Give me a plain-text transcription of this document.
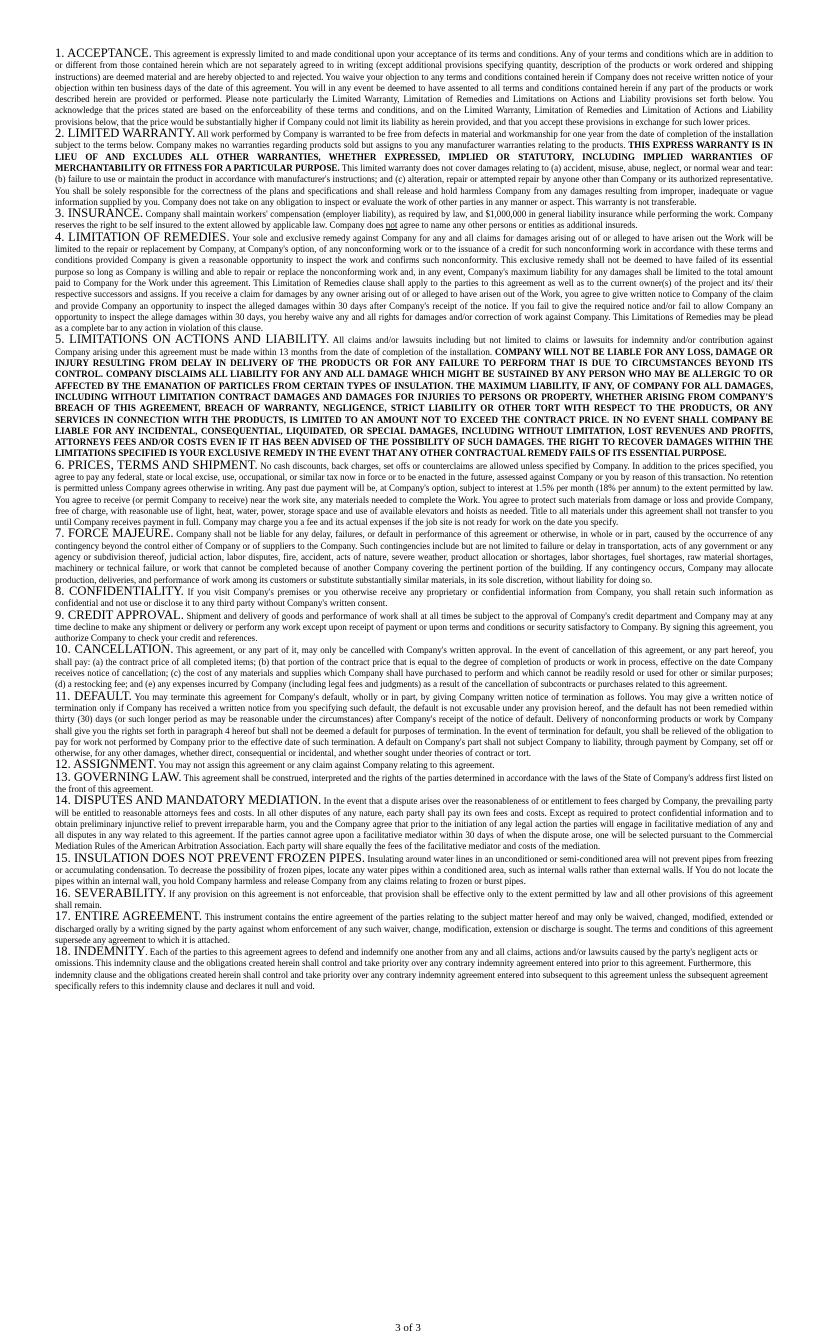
1. ACCEPTANCE. This agreement is expressly limited to and made conditional upon your acceptance of its terms and conditions. Any of your terms and conditions which are in addition to or different from those contained herein which are not separately agreed to in writing (except additional provisions specifying quantity, description of the products or work ordered and shipping instructions) are deemed material and are hereby objected to and rejected. You waive your objection to any terms and conditions contained herein if Company does not receive written notice of your objection within ten business days of the date of this agreement. You will in any event be deemed to have assented to all terms and conditions contained herein if any part of the products or work described herein are provided or performed. Please note particularly the Limited Warranty, Limitation of Remedies and Limitations on Actions and Liability provisions set forth below. You acknowledge that the prices stated are based on the enforceability of these terms and conditions, and on the Limited Warranty, Limitation of Remedies and Limitation of Actions and Liability provisions below, that the price would be substantially higher if Company could not limit its liability as herein provided, and that you accept these provisions in exchange for such lower prices.

2. LIMITED WARRANTY. All work performed by Company is warranted to be free from defects in material and workmanship for one year from the date of completion of the installation subject to the terms below. Company makes no warranties regarding products sold but assigns to you any manufacturer warranties relating to the products. THIS EXPRESS WARRANTY IS IN LIEU OF AND EXCLUDES ALL OTHER WARRANTIES, WHETHER EXPRESSED, IMPLIED OR STATUTORY, INCLUDING IMPLIED WARRANTIES OF MERCHANTABILITY OR FITNESS FOR A PARTICULAR PURPOSE. This limited warranty does not cover damages relating to (a) accident, misuse, abuse, neglect, or normal wear and tear: (b) failure to use or maintain the product in accordance with manufacturer's instructions; and (c) alteration, repair or attempted repair by anyone other than Company or its authorized representative. You shall be solely responsible for the correctness of the plans and specifications and shall release and hold harmless Company from any damages resulting from improper, inadequate or vague information supplied by you. Company does not take on any obligation to inspect or evaluate the work of other parties in any manner or aspect. This warranty is not transferable.

3. INSURANCE. Company shall maintain workers' compensation (employer liability), as required by law, and $1,000,000 in general liability insurance while performing the work. Company reserves the right to be self insured to the extent allowed by applicable law. Company does not agree to name any other persons or entities as additional insureds.

4. LIMITATION OF REMEDIES. Your sole and exclusive remedy against Company for any and all claims for damages arising out of or alleged to have arisen out the Work will be limited to the repair or replacement by Company, at Company's option, of any nonconforming work or to the issuance of a credit for such nonconforming work in accordance with these terms and conditions provided Company is given a reasonable opportunity to inspect the work and confirms such nonconformity. This exclusive remedy shall not be deemed to have failed of its essential purpose so long as Company is willing and able to repair or replace the nonconforming work and, in any event, Company's maximum liability for any damages shall be limited to the total amount paid to Company for the Work under this agreement. This Limitation of Remedies clause shall apply to the parties to this agreement as well as to the current owner(s) of the project and its/ their respective successors and assigns. If you receive a claim for damages by any owner arising out of or alleged to have arisen out of the Work, you agree to give written notice to Company of the claim and provide Company an opportunity to inspect the alleged damages within 30 days after Company's receipt of the notice. If you fail to give the required notice and/or fail to allow Company an opportunity to inspect the allege damages within 30 days, you hereby waive any and all rights for damages and/or correction of work against Company. This Limitations of Remedies may be plead as a complete bar to any action in violation of this clause.

5. LIMITATIONS ON ACTIONS AND LIABILITY. All claims and/or lawsuits including but not limited to claims or lawsuits for indemnity and/or contribution against Company arising under this agreement must be made within 13 months from the date of completion of the installation. COMPANY WILL NOT BE LIABLE FOR ANY LOSS, DAMAGE OR INJURY RESULTING FROM DELAY IN DELIVERY OF THE PRODUCTS OR FOR ANY FAILURE TO PERFORM THAT IS DUE TO CIRCUMSTANCES BEYOND ITS CONTROL. COMPANY DISCLAIMS ALL LIABILITY FOR ANY AND ALL DAMAGE WHICH MIGHT BE SUSTAINED BY ANY PERSON WHO MAY BE ALLERGIC TO OR AFFECTED BY THE EMANATION OF PARTICLES FROM CERTAIN TYPES OF INSULATION. THE MAXIMUM LIABILITY, IF ANY, OF COMPANY FOR ALL DAMAGES, INCLUDING WITHOUT LIMITATION CONTRACT DAMAGES AND DAMAGES FOR INJURIES TO PERSONS OR PROPERTY, WHETHER ARISING FROM COMPANY'S BREACH OF THIS AGREEMENT, BREACH OF WARRANTY, NEGLIGENCE, STRICT LIABILITY OR OTHER TORT WITH RESPECT TO THE PRODUCTS, OR ANY SERVICES IN CONNECTION WITH THE PRODUCTS, IS LIMITED TO AN AMOUNT NOT TO EXCEED THE CONTRACT PRICE. IN NO EVENT SHALL COMPANY BE LIABLE FOR ANY INCIDENTAL, CONSEQUENTIAL, LIQUIDATED, OR SPECIAL DAMAGES, INCLUDING WITHOUT LIMITATION, LOST REVENUES AND PROFITS, ATTORNEYS FEES AND/OR COSTS EVEN IF IT HAS BEEN ADVISED OF THE POSSIBILITY OF SUCH DAMAGES. THE RIGHT TO RECOVER DAMAGES WITHIN THE LIMITATIONS SPECIFIED IS YOUR EXCLUSIVE REMEDY IN THE EVENT THAT ANY OTHER CONTRACTUAL REMEDY FAILS OF ITS ESSENTIAL PURPOSE.

6. PRICES, TERMS AND SHIPMENT. No cash discounts, back charges, set offs or counterclaims are allowed unless specified by Company. In addition to the prices specified, you agree to pay any federal, state or local excise, use, occupational, or similar tax now in force or to be enacted in the future, assessed against Company or you by reason of this transaction. No retention is permitted unless Company agrees otherwise in writing. Any past due payment will be, at Company's option, subject to interest at 1.5% per month (18% per annum) to the extent permitted by law. You agree to receive (or permit Company to receive) near the work site, any materials needed to complete the Work. You agree to protect such materials from damage or loss and provide Company, free of charge, with reasonable use of light, heat, water, power, storage space and use of available elevators and hoists as needed. Title to all materials under this agreement shall not transfer to you until Company receives payment in full. Company may charge you a fee and its actual expenses if the job site is not ready for work on the date you specify.

7. FORCE MAJEURE. Company shall not be liable for any delay, failures, or default in performance of this agreement or otherwise, in whole or in part, caused by the occurrence of any contingency beyond the control either of Company or of suppliers to the Company. Such contingencies include but are not limited to failure or delay in transportation, acts of any government or any agency or subdivision thereof, judicial action, labor disputes, fire, accident, acts of nature, severe weather, product allocation or shortages, labor shortages, fuel shortages, raw material shortages, machinery or technical failure, or work that cannot be completed because of another Company covering the pertinent portion of the building. If any contingency occurs, Company may allocate production, deliveries, and performance of work among its customers or substitute substantially similar materials, in its sole discretion, without liability for doing so.

8. CONFIDENTIALITY. If you visit Company's premises or you otherwise receive any proprietary or confidential information from Company, you shall retain such information as confidential and not use or disclose it to any third party without Company's written consent.

9. CREDIT APPROVAL. Shipment and delivery of goods and performance of work shall at all times be subject to the approval of Company's credit department and Company may at any time decline to make any shipment or delivery or perform any work except upon receipt of payment or upon terms and conditions or security satisfactory to Company. By signing this agreement, you authorize Company to check your credit and references.

10. CANCELLATION. This agreement, or any part of it, may only be cancelled with Company's written approval. In the event of cancellation of this agreement, or any part hereof, you shall pay: (a) the contract price of all completed items; (b) that portion of the contract price that is equal to the degree of completion of products or work in process, effective on the date Company receives notice of cancellation; (c) the cost of any materials and supplies which Company shall have purchased to perform and which cannot be readily resold or used for other or similar purposes; (d) a restocking fee; and (e) any expenses incurred by Company (including legal fees and judgments) as a result of the cancellation of subcontracts or purchases related to this agreement.

11. DEFAULT. You may terminate this agreement for Company's default, wholly or in part, by giving Company written notice of termination as follows. You may give a written notice of termination only if Company has received a written notice from you specifying such default, the default is not excusable under any provision hereof, and the default has not been remedied within thirty (30) days (or such longer period as may be reasonable under the circumstances) after Company's receipt of the notice of default. Delivery of nonconforming products or work by Company shall give you the rights set forth in paragraph 4 hereof but shall not be deemed a default for purposes of termination. In the event of termination for default, you shall be relieved of the obligation to pay for work not performed by Company prior to the effective date of such termination. A default on Company's part shall not subject Company to liability, through payment by Company, set off or otherwise, for any other damages, whether direct, consequential or incidental, and whether sought under theories of contract or tort.

12. ASSIGNMENT. You may not assign this agreement or any claim against Company relating to this agreement.

13. GOVERNING LAW. This agreement shall be construed, interpreted and the rights of the parties determined in accordance with the laws of the State of Company's address first listed on the front of this agreement.

14. DISPUTES AND MANDATORY MEDIATION. In the event that a dispute arises over the reasonableness of or entitlement to fees charged by Company, the prevailing party will be entitled to reasonable attorneys fees and costs. In all other disputes of any nature, each party shall pay its own fees and costs. Except as required to protect confidential information and to obtain preliminary injunctive relief to prevent irreparable harm, you and the Company agree that prior to the initiation of any legal action the parties will engage in facilitative mediation of any and all disputes in any way related to this agreement. If the parties cannot agree upon a facilitative mediator within 30 days of when the dispute arose, one will be selected pursuant to the Commercial Mediation Rules of the American Arbitration Association. Each party will share equally the fees of the facilitative mediator and costs of the mediation.

15. INSULATION DOES NOT PREVENT FROZEN PIPES. Insulating around water lines in an unconditioned or semi-conditioned area will not prevent pipes from freezing or accumulating condensation. To decrease the possibility of frozen pipes, locate any water pipes within a conditioned area, such as internal walls rather than external walls. If You do not locate the pipes within an internal wall, you hold Company harmless and release Company from any claims relating to frozen or burst pipes.

16. SEVERABILITY. If any provision on this agreement is not enforceable, that provision shall be effective only to the extent permitted by law and all other provisions of this agreement shall remain.

17. ENTIRE AGREEMENT. This instrument contains the entire agreement of the parties relating to the subject matter hereof and may only be waived, changed, modified, extended or discharged orally by a writing signed by the party against whom enforcement of any such waiver, change, modification, extension or discharge is sought. The terms and conditions of this agreement supersede any agreement to which it is attached.

18. INDEMNITY. Each of the parties to this agreement agrees to defend and indemnify one another from any and all claims, actions and/or lawsuits caused by the party's negligent acts or omissions. This indemnity clause and the obligations created herein shall control and take priority over any contrary indemnity agreement entered into prior to this agreement. Furthermore, this indemnity clause and the obligations created herein shall control and take priority over any contrary indemnity agreement entered into subsequent to this agreement unless the subsequent agreement specifically refers to this indemnity clause and declares it null and void.

3 of 3
